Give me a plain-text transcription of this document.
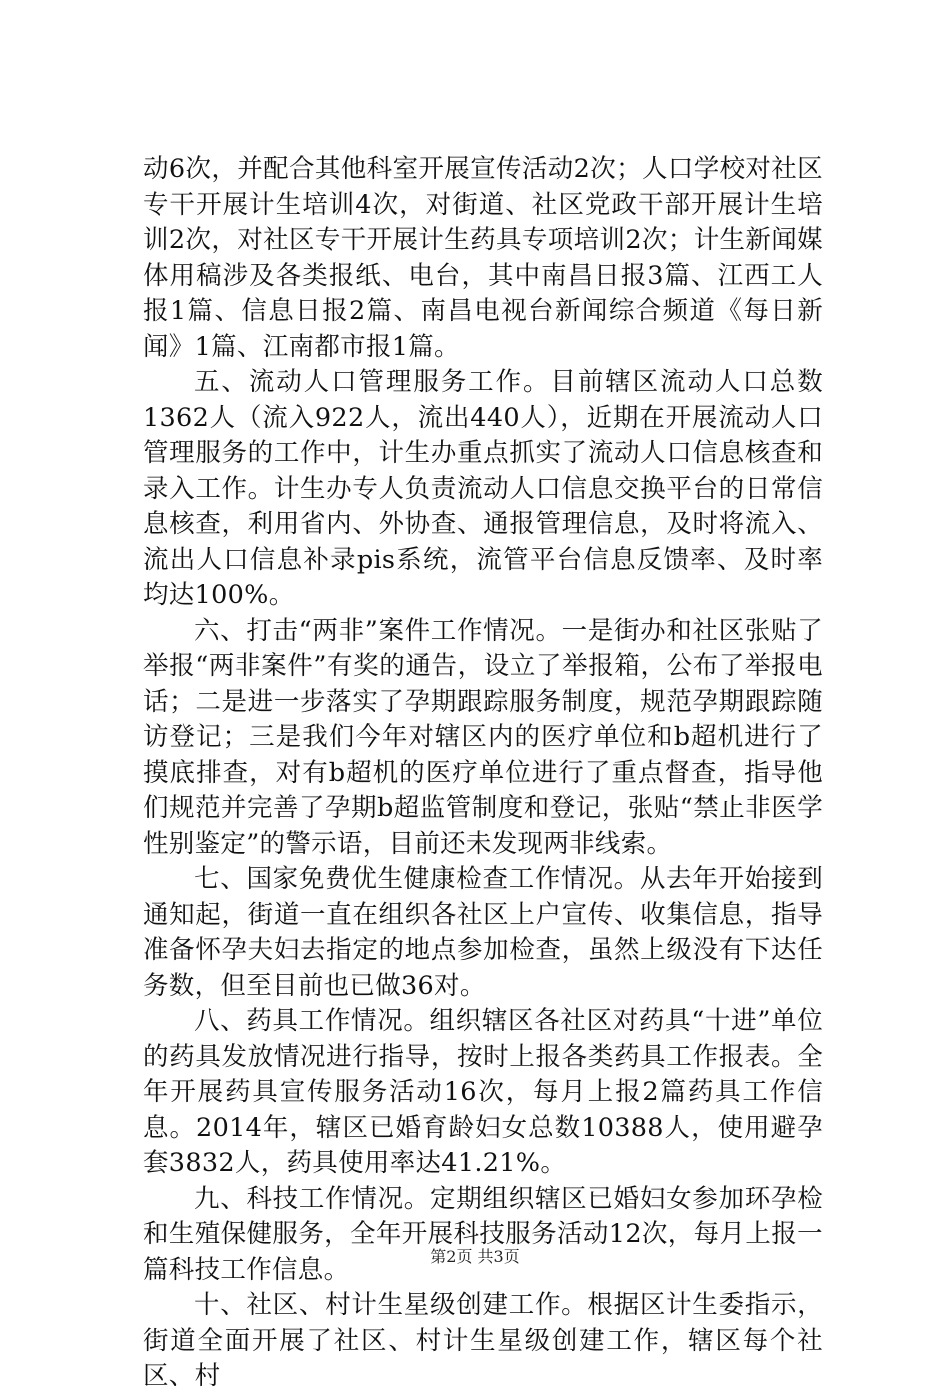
动6次，并配合其他科室开展宣传活动2次；人口学校对社区专干开展计生培训4次，对街道、社区党政干部开展计生培训2次，对社区专干开展计生药具专项培训2次；计生新闻媒体用稿涉及各类报纸、电台，其中南昌日报3篇、江西工人报1篇、信息日报2篇、南昌电视台新闻综合频道《每日新闻》1篇、江南都市报1篇。

五、流动人口管理服务工作。目前辖区流动人口总数1362人（流入922人，流出440人），近期在开展流动人口管理服务的工作中，计生办重点抓实了流动人口信息核查和录入工作。计生办专人负责流动人口信息交换平台的日常信息核查，利用省内、外协查、通报管理信息，及时将流入、流出人口信息补录pis系统，流管平台信息反馈率、及时率均达100%。

六、打击“两非”案件工作情况。一是街办和社区张贴了举报“两非案件”有奖的通告，设立了举报箱，公布了举报电话；二是进一步落实了孕期跟踪服务制度，规范孕期跟踪随访登记；三是我们今年对辖区内的医疗单位和b超机进行了摸底排查，对有b超机的医疗单位进行了重点督查，指导他们规范并完善了孕期b超监管制度和登记，张贴“禁止非医学性别鉴定”的警示语，目前还未发现两非线索。

七、国家免费优生健康检查工作情况。从去年开始接到通知起，街道一直在组织各社区上户宣传、收集信息，指导准备怀孕夫妇去指定的地点参加检查，虽然上级没有下达任务数，但至目前也已做36对。

八、药具工作情况。组织辖区各社区对药具“十进”单位的药具发放情况进行指导，按时上报各类药具工作报表。全年开展药具宣传服务活动16次，每月上报2篇药具工作信息。2014年，辖区已婚育龄妇女总数10388人，使用避孕套3832人，药具使用率达41.21%。

九、科技工作情况。定期组织辖区已婚妇女参加环孕检和生殖保健服务，全年开展科技服务活动12次，每月上报一篇科技工作信息。

十、社区、村计生星级创建工作。根据区计生委指示，街道全面开展了社区、村计生星级创建工作，辖区每个社区、村

第2页 共3页
